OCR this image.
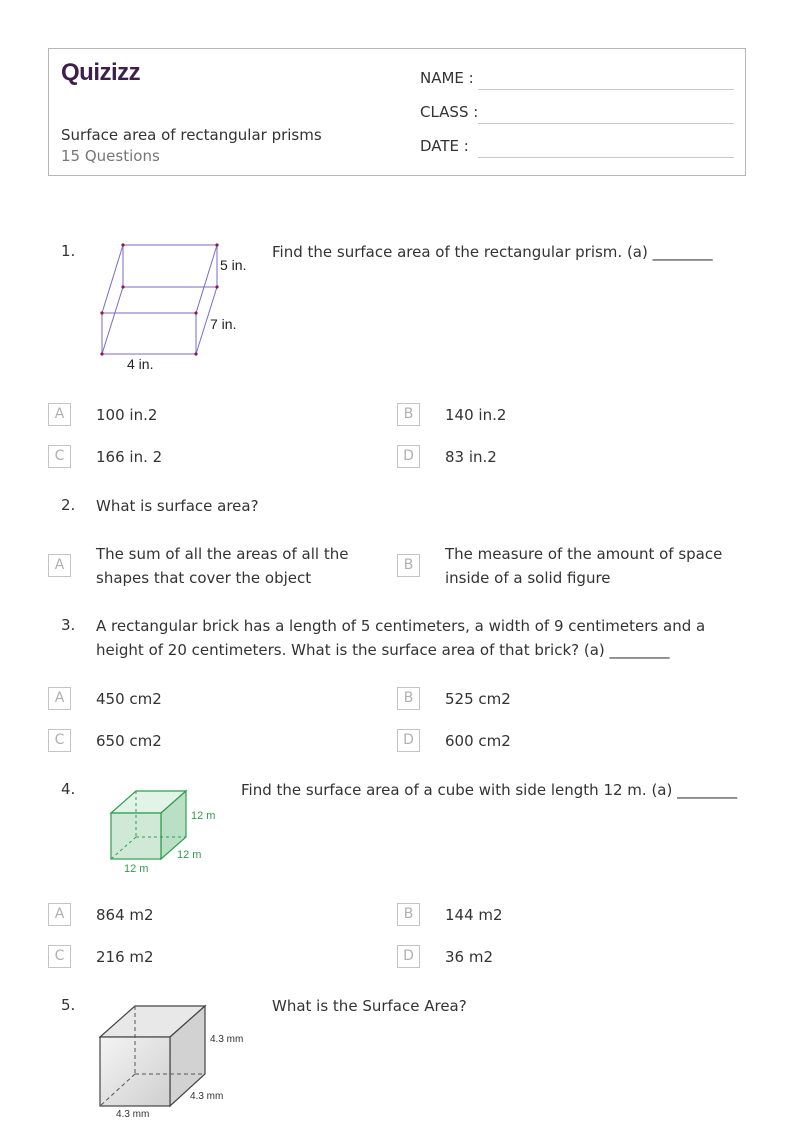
Quizizz
Surface area of rectangular prisms
15 Questions
NAME :
CLASS :
DATE :
1.
5 in.
7 in.
4 in.
Find the surface area of the rectangular prism. (a) ________
A	100 in.2	B	140 in.2
C	166 in. 2	D	83 in.2
2. What is surface area?
A
The sum of all the areas of all the shapes that cover the object
B
The measure of the amount of space inside of a solid figure
3. A rectangular brick has a length of 5 centimeters, a width of 9 centimeters and a height of 20 centimeters. What is the surface area of that brick? (a) ________
A	450 cm2	B	525 cm2
C	650 cm2	D	600 cm2
4.
12 m
12 m
12 m
Find the surface area of a cube with side length 12 m. (a) ________
A	864 m2	B	144 m2
C	216 m2	D	36 m2
5.
4.3 mm
4.3 mm
4.3 mm
What is the Surface Area?
